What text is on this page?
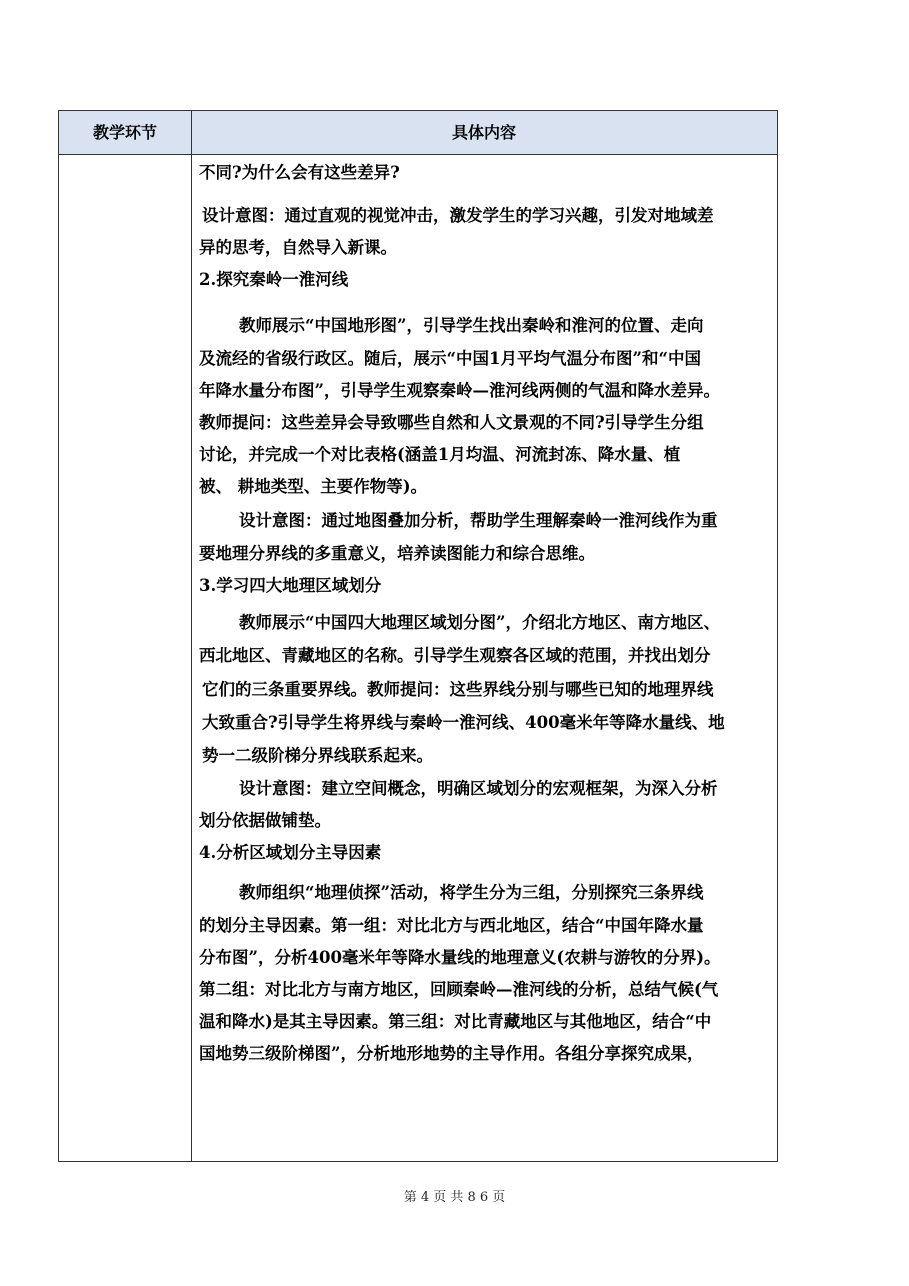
教学环节	具体内容
不同?为什么会有这些差异?
设计意图：通过直观的视觉冲击，激发学生的学习兴趣，引发对地域差
异的思考，自然导入新课。
2.探究秦岭一淮河线
教师展示“中国地形图”，引导学生找出秦岭和淮河的位置、走向
及流经的省级行政区。随后，展示“中国1月平均气温分布图”和“中国
年降水量分布图”，引导学生观察秦岭—淮河线两侧的气温和降水差异。
教师提问：这些差异会导致哪些自然和人文景观的不同?引导学生分组
讨论，并完成一个对比表格(涵盖1月均温、河流封冻、降水量、植
被、 耕地类型、主要作物等)。
设计意图：通过地图叠加分析，帮助学生理解秦岭一淮河线作为重
要地理分界线的多重意义，培养读图能力和综合思维。
3.学习四大地理区域划分
教师展示“中国四大地理区域划分图”，介绍北方地区、南方地区、
西北地区、青藏地区的名称。引导学生观察各区域的范围，并找出划分
它们的三条重要界线。教师提问：这些界线分别与哪些已知的地理界线
大致重合?引导学生将界线与秦岭一淮河线、400毫米年等降水量线、地
势一二级阶梯分界线联系起来。
设计意图：建立空间概念，明确区域划分的宏观框架，为深入分析
划分依据做铺垫。
4.分析区域划分主导因素
教师组织“地理侦探”活动，将学生分为三组，分别探究三条界线
的划分主导因素。第一组：对比北方与西北地区，结合“中国年降水量
分布图”，分析400毫米年等降水量线的地理意义(农耕与游牧的分界)。
第二组：对比北方与南方地区，回顾秦岭—淮河线的分析，总结气候(气
温和降水)是其主导因素。第三组：对比青藏地区与其他地区，结合“中
国地势三级阶梯图”，分析地形地势的主导作用。各组分享探究成果，
第 4 页 共 8 6 页
